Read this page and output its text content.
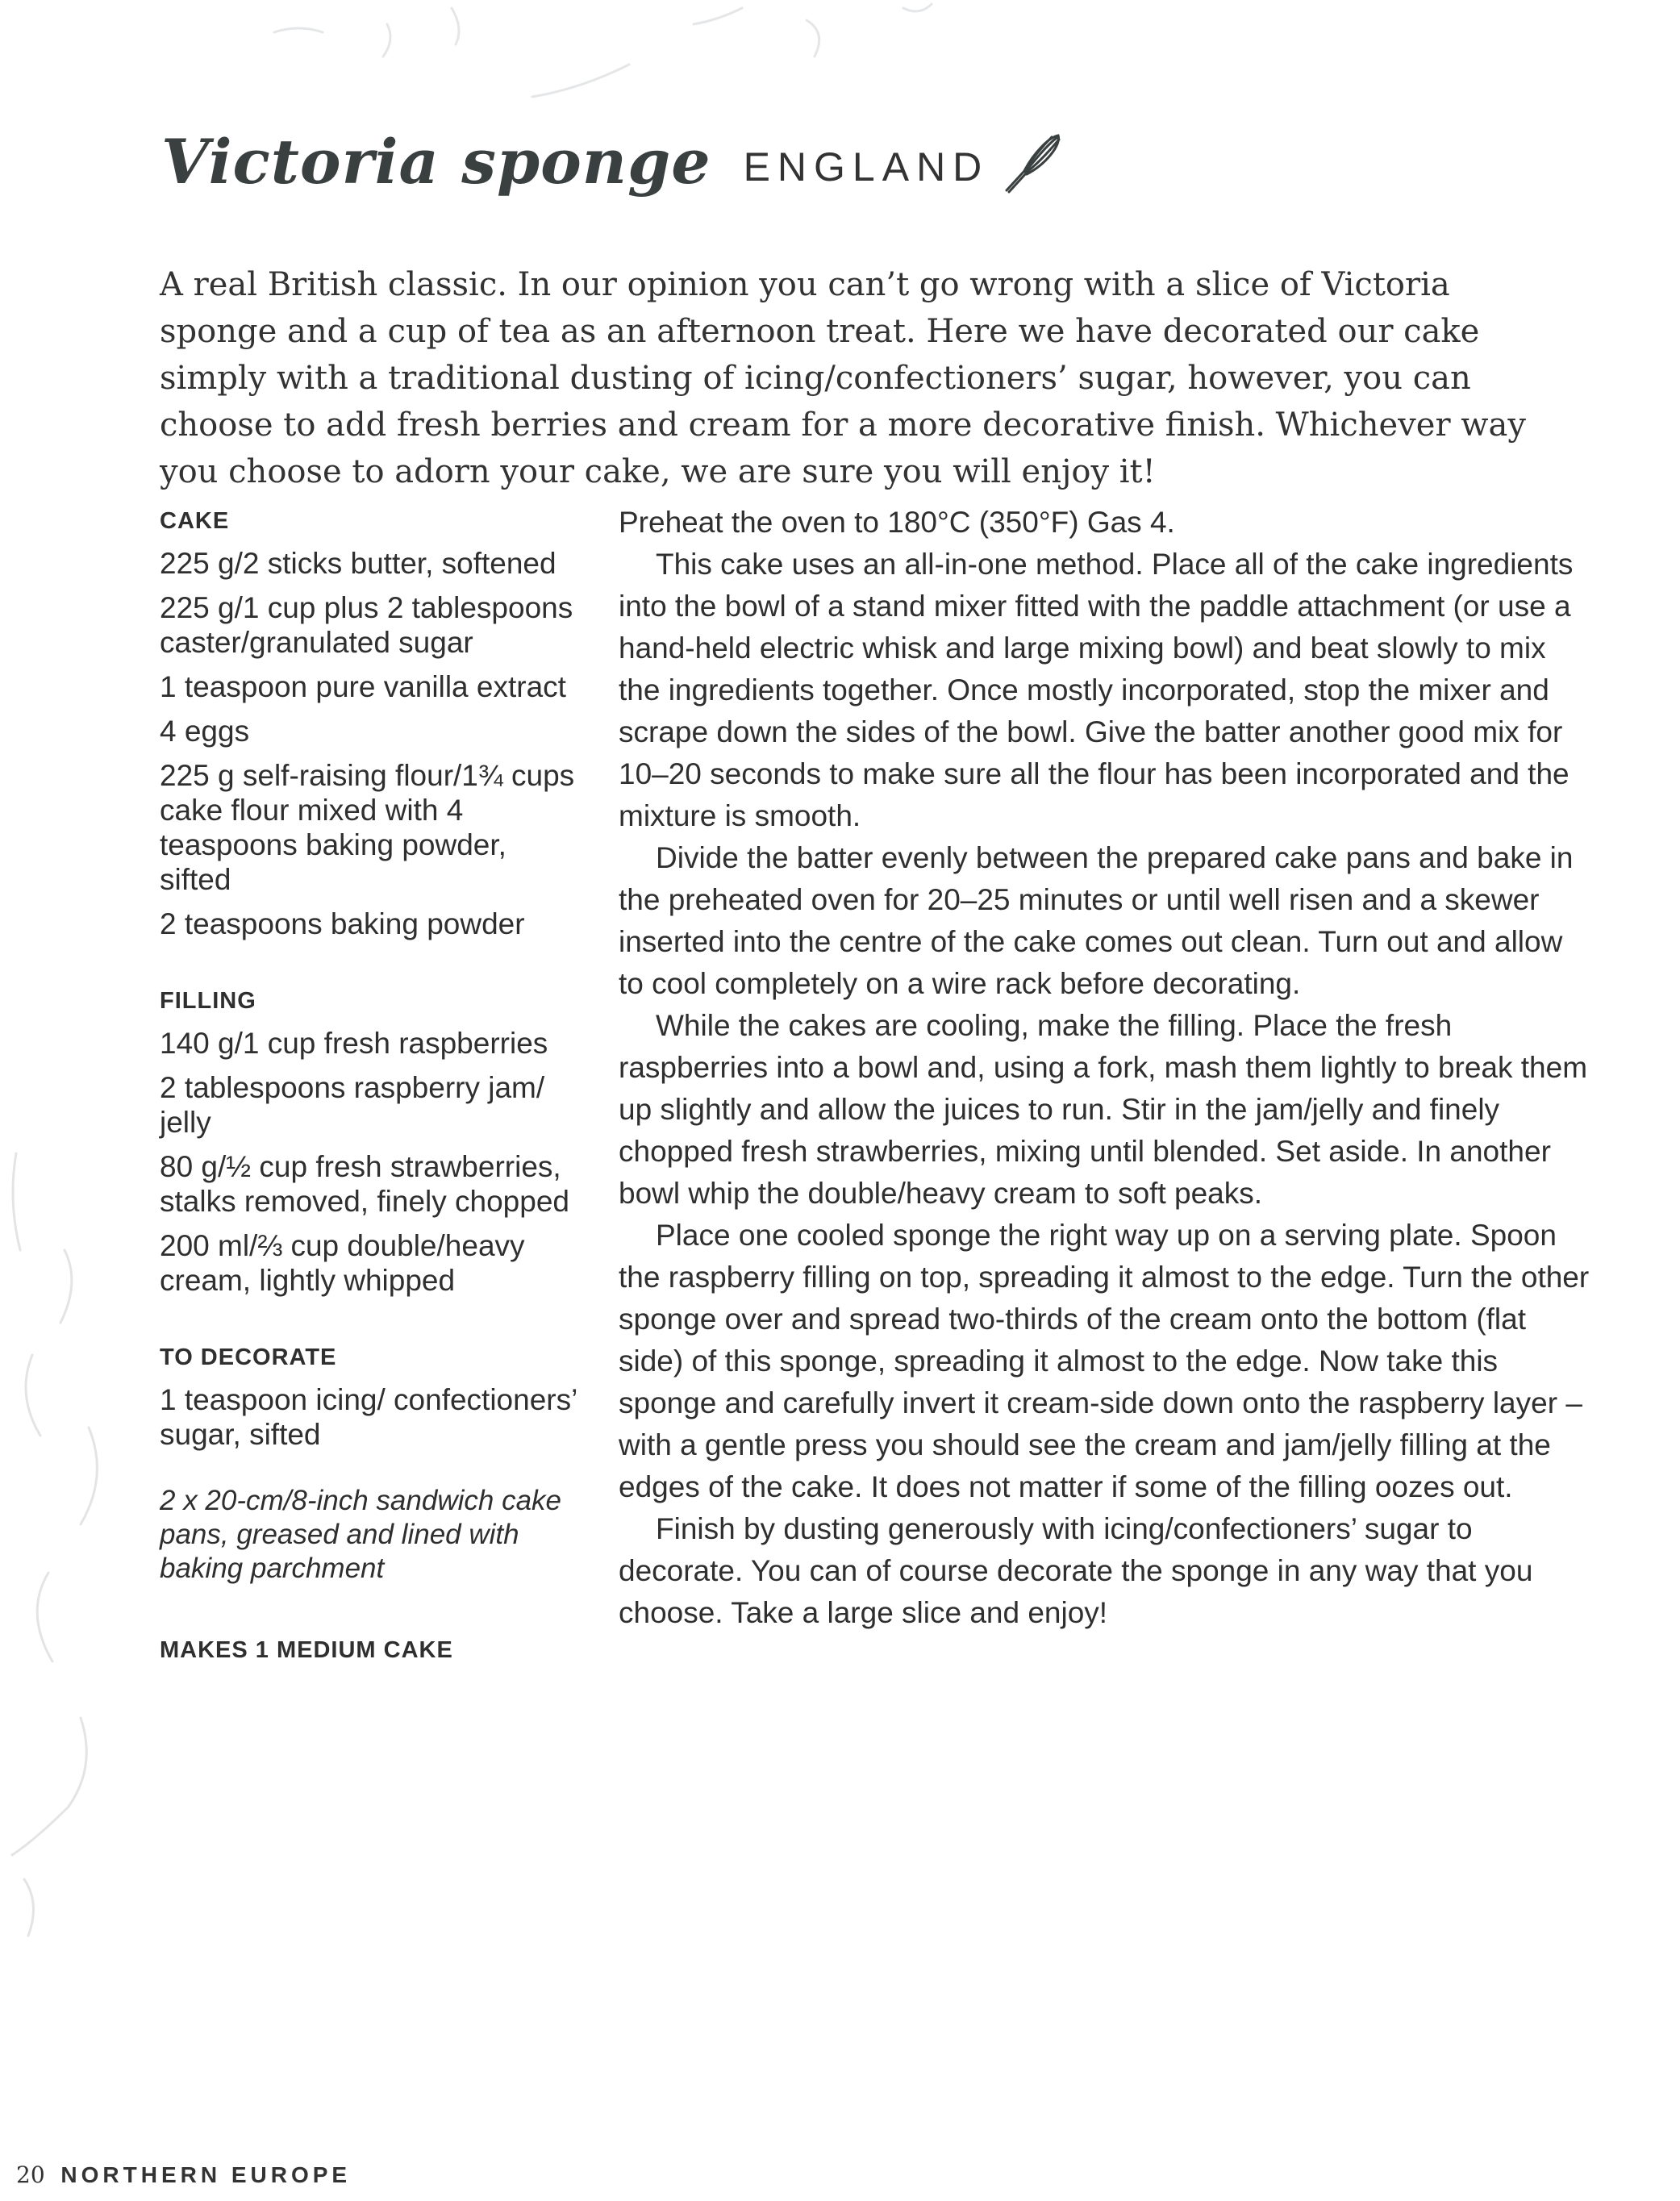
Victoria sponge ENGLAND

A real British classic. In our opinion you can’t go wrong with a slice of Victoria sponge and a cup of tea as an afternoon treat. Here we have decorated our cake simply with a traditional dusting of icing/confectioners’ sugar, however, you can choose to add fresh berries and cream for a more decorative finish. Whichever way you choose to adorn your cake, we are sure you will enjoy it!

CAKE
225 g/2 sticks butter, softened
225 g/1 cup plus 2 tablespoons caster/granulated sugar
1 teaspoon pure vanilla extract
4 eggs
225 g self-raising flour/1¾ cups cake flour mixed with 4 teaspoons baking powder, sifted
2 teaspoons baking powder
FILLING
140 g/1 cup fresh raspberries
2 tablespoons raspberry jam/ jelly
80 g/½ cup fresh strawberries, stalks removed, finely chopped
200 ml/⅔ cup double/heavy cream, lightly whipped
TO DECORATE
1 teaspoon icing/ confectioners’ sugar, sifted

2 x 20-cm/8-inch sandwich cake pans, greased and lined with baking parchment

MAKES 1 MEDIUM CAKE

Preheat the oven to 180°C (350°F) Gas 4.

This cake uses an all-in-one method. Place all of the cake ingredients into the bowl of a stand mixer fitted with the paddle attachment (or use a hand-held electric whisk and large mixing bowl) and beat slowly to mix the ingredients together. Once mostly incorporated, stop the mixer and scrape down the sides of the bowl. Give the batter another good mix for 10–20 seconds to make sure all the flour has been incorporated and the mixture is smooth.

Divide the batter evenly between the prepared cake pans and bake in the preheated oven for 20–25 minutes or until well risen and a skewer inserted into the centre of the cake comes out clean. Turn out and allow to cool completely on a wire rack before decorating.

While the cakes are cooling, make the filling. Place the fresh raspberries into a bowl and, using a fork, mash them lightly to break them up slightly and allow the juices to run. Stir in the jam/jelly and finely chopped fresh strawberries, mixing until blended. Set aside. In another bowl whip the double/heavy cream to soft peaks.

Place one cooled sponge the right way up on a serving plate. Spoon the raspberry filling on top, spreading it almost to the edge. Turn the other sponge over and spread two-thirds of the cream onto the bottom (flat side) of this sponge, spreading it almost to the edge. Now take this sponge and carefully invert it cream-side down onto the raspberry layer – with a gentle press you should see the cream and jam/jelly filling at the edges of the cake. It does not matter if some of the filling oozes out.

Finish by dusting generously with icing/confectioners’ sugar to decorate. You can of course decorate the sponge in any way that you choose. Take a large slice and enjoy!

20 NORTHERN EUROPE
